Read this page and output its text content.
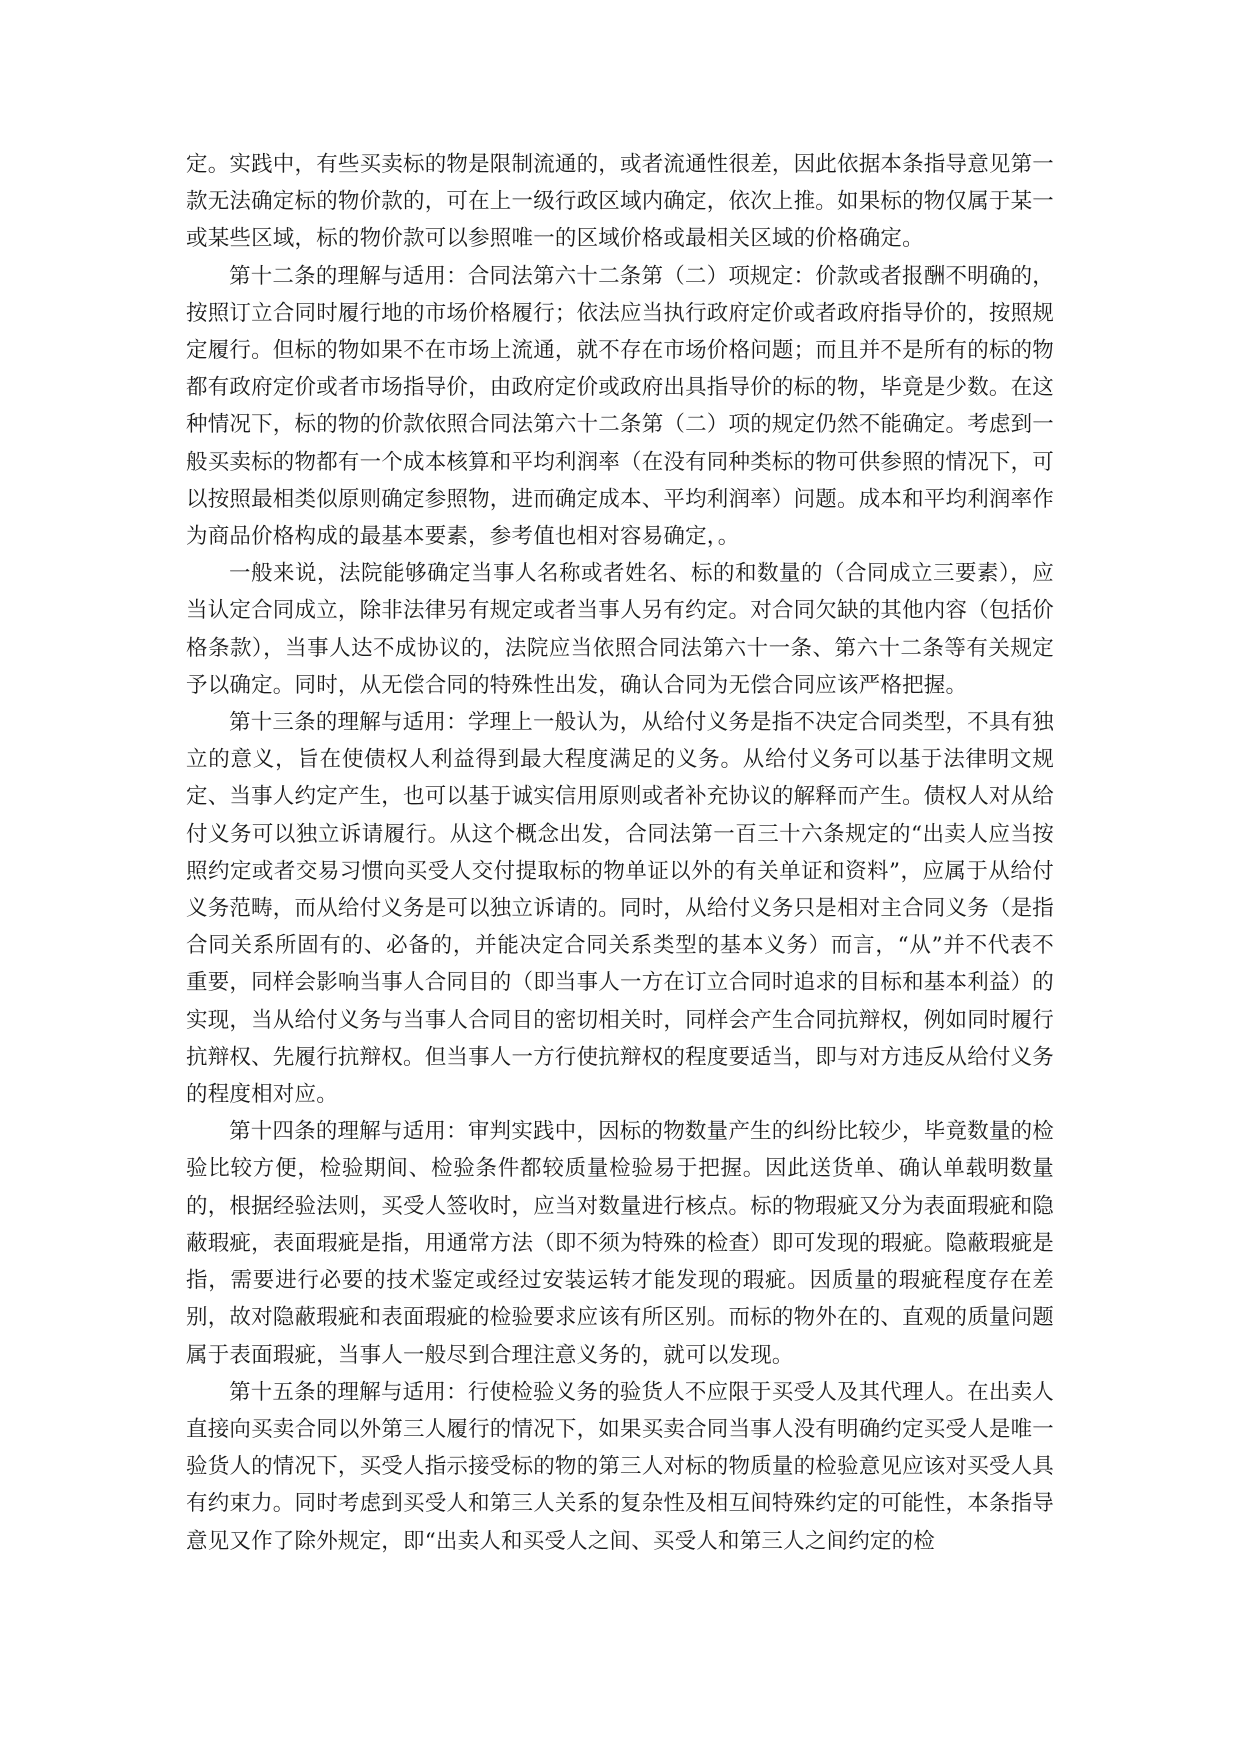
定。实践中，有些买卖标的物是限制流通的，或者流通性很差，因此依据本条指导意见第一款无法确定标的物价款的，可在上一级行政区域内确定，依次上推。如果标的物仅属于某一或某些区域，标的物价款可以参照唯一的区域价格或最相关区域的价格确定。

第十二条的理解与适用：合同法第六十二条第（二）项规定：价款或者报酬不明确的，按照订立合同时履行地的市场价格履行；依法应当执行政府定价或者政府指导价的，按照规定履行。但标的物如果不在市场上流通，就不存在市场价格问题；而且并不是所有的标的物都有政府定价或者市场指导价，由政府定价或政府出具指导价的标的物，毕竟是少数。在这种情况下，标的物的价款依照合同法第六十二条第（二）项的规定仍然不能确定。考虑到一般买卖标的物都有一个成本核算和平均利润率（在没有同种类标的物可供参照的情况下，可以按照最相类似原则确定参照物，进而确定成本、平均利润率）问题。成本和平均利润率作为商品价格构成的最基本要素，参考值也相对容易确定，。

一般来说，法院能够确定当事人名称或者姓名、标的和数量的（合同成立三要素），应当认定合同成立，除非法律另有规定或者当事人另有约定。对合同欠缺的其他内容（包括价格条款），当事人达不成协议的，法院应当依照合同法第六十一条、第六十二条等有关规定予以确定。同时，从无偿合同的特殊性出发，确认合同为无偿合同应该严格把握。

第十三条的理解与适用：学理上一般认为，从给付义务是指不决定合同类型，不具有独立的意义，旨在使债权人利益得到最大程度满足的义务。从给付义务可以基于法律明文规定、当事人约定产生，也可以基于诚实信用原则或者补充协议的解释而产生。债权人对从给付义务可以独立诉请履行。从这个概念出发，合同法第一百三十六条规定的“出卖人应当按照约定或者交易习惯向买受人交付提取标的物单证以外的有关单证和资料”，应属于从给付义务范畴，而从给付义务是可以独立诉请的。同时，从给付义务只是相对主合同义务（是指合同关系所固有的、必备的，并能决定合同关系类型的基本义务）而言，“从”并不代表不重要，同样会影响当事人合同目的（即当事人一方在订立合同时追求的目标和基本利益）的实现，当从给付义务与当事人合同目的密切相关时，同样会产生合同抗辩权，例如同时履行抗辩权、先履行抗辩权。但当事人一方行使抗辩权的程度要适当，即与对方违反从给付义务的程度相对应。

第十四条的理解与适用：审判实践中，因标的物数量产生的纠纷比较少，毕竟数量的检验比较方便，检验期间、检验条件都较质量检验易于把握。因此送货单、确认单载明数量的，根据经验法则，买受人签收时，应当对数量进行核点。标的物瑕疵又分为表面瑕疵和隐蔽瑕疵，表面瑕疵是指，用通常方法（即不须为特殊的检查）即可发现的瑕疵。隐蔽瑕疵是指，需要进行必要的技术鉴定或经过安装运转才能发现的瑕疵。因质量的瑕疵程度存在差别，故对隐蔽瑕疵和表面瑕疵的检验要求应该有所区别。而标的物外在的、直观的质量问题属于表面瑕疵，当事人一般尽到合理注意义务的，就可以发现。

第十五条的理解与适用：行使检验义务的验货人不应限于买受人及其代理人。在出卖人直接向买卖合同以外第三人履行的情况下，如果买卖合同当事人没有明确约定买受人是唯一验货人的情况下，买受人指示接受标的物的第三人对标的物质量的检验意见应该对买受人具有约束力。同时考虑到买受人和第三人关系的复杂性及相互间特殊约定的可能性，本条指导意见又作了除外规定，即“出卖人和买受人之间、买受人和第三人之间约定的检
